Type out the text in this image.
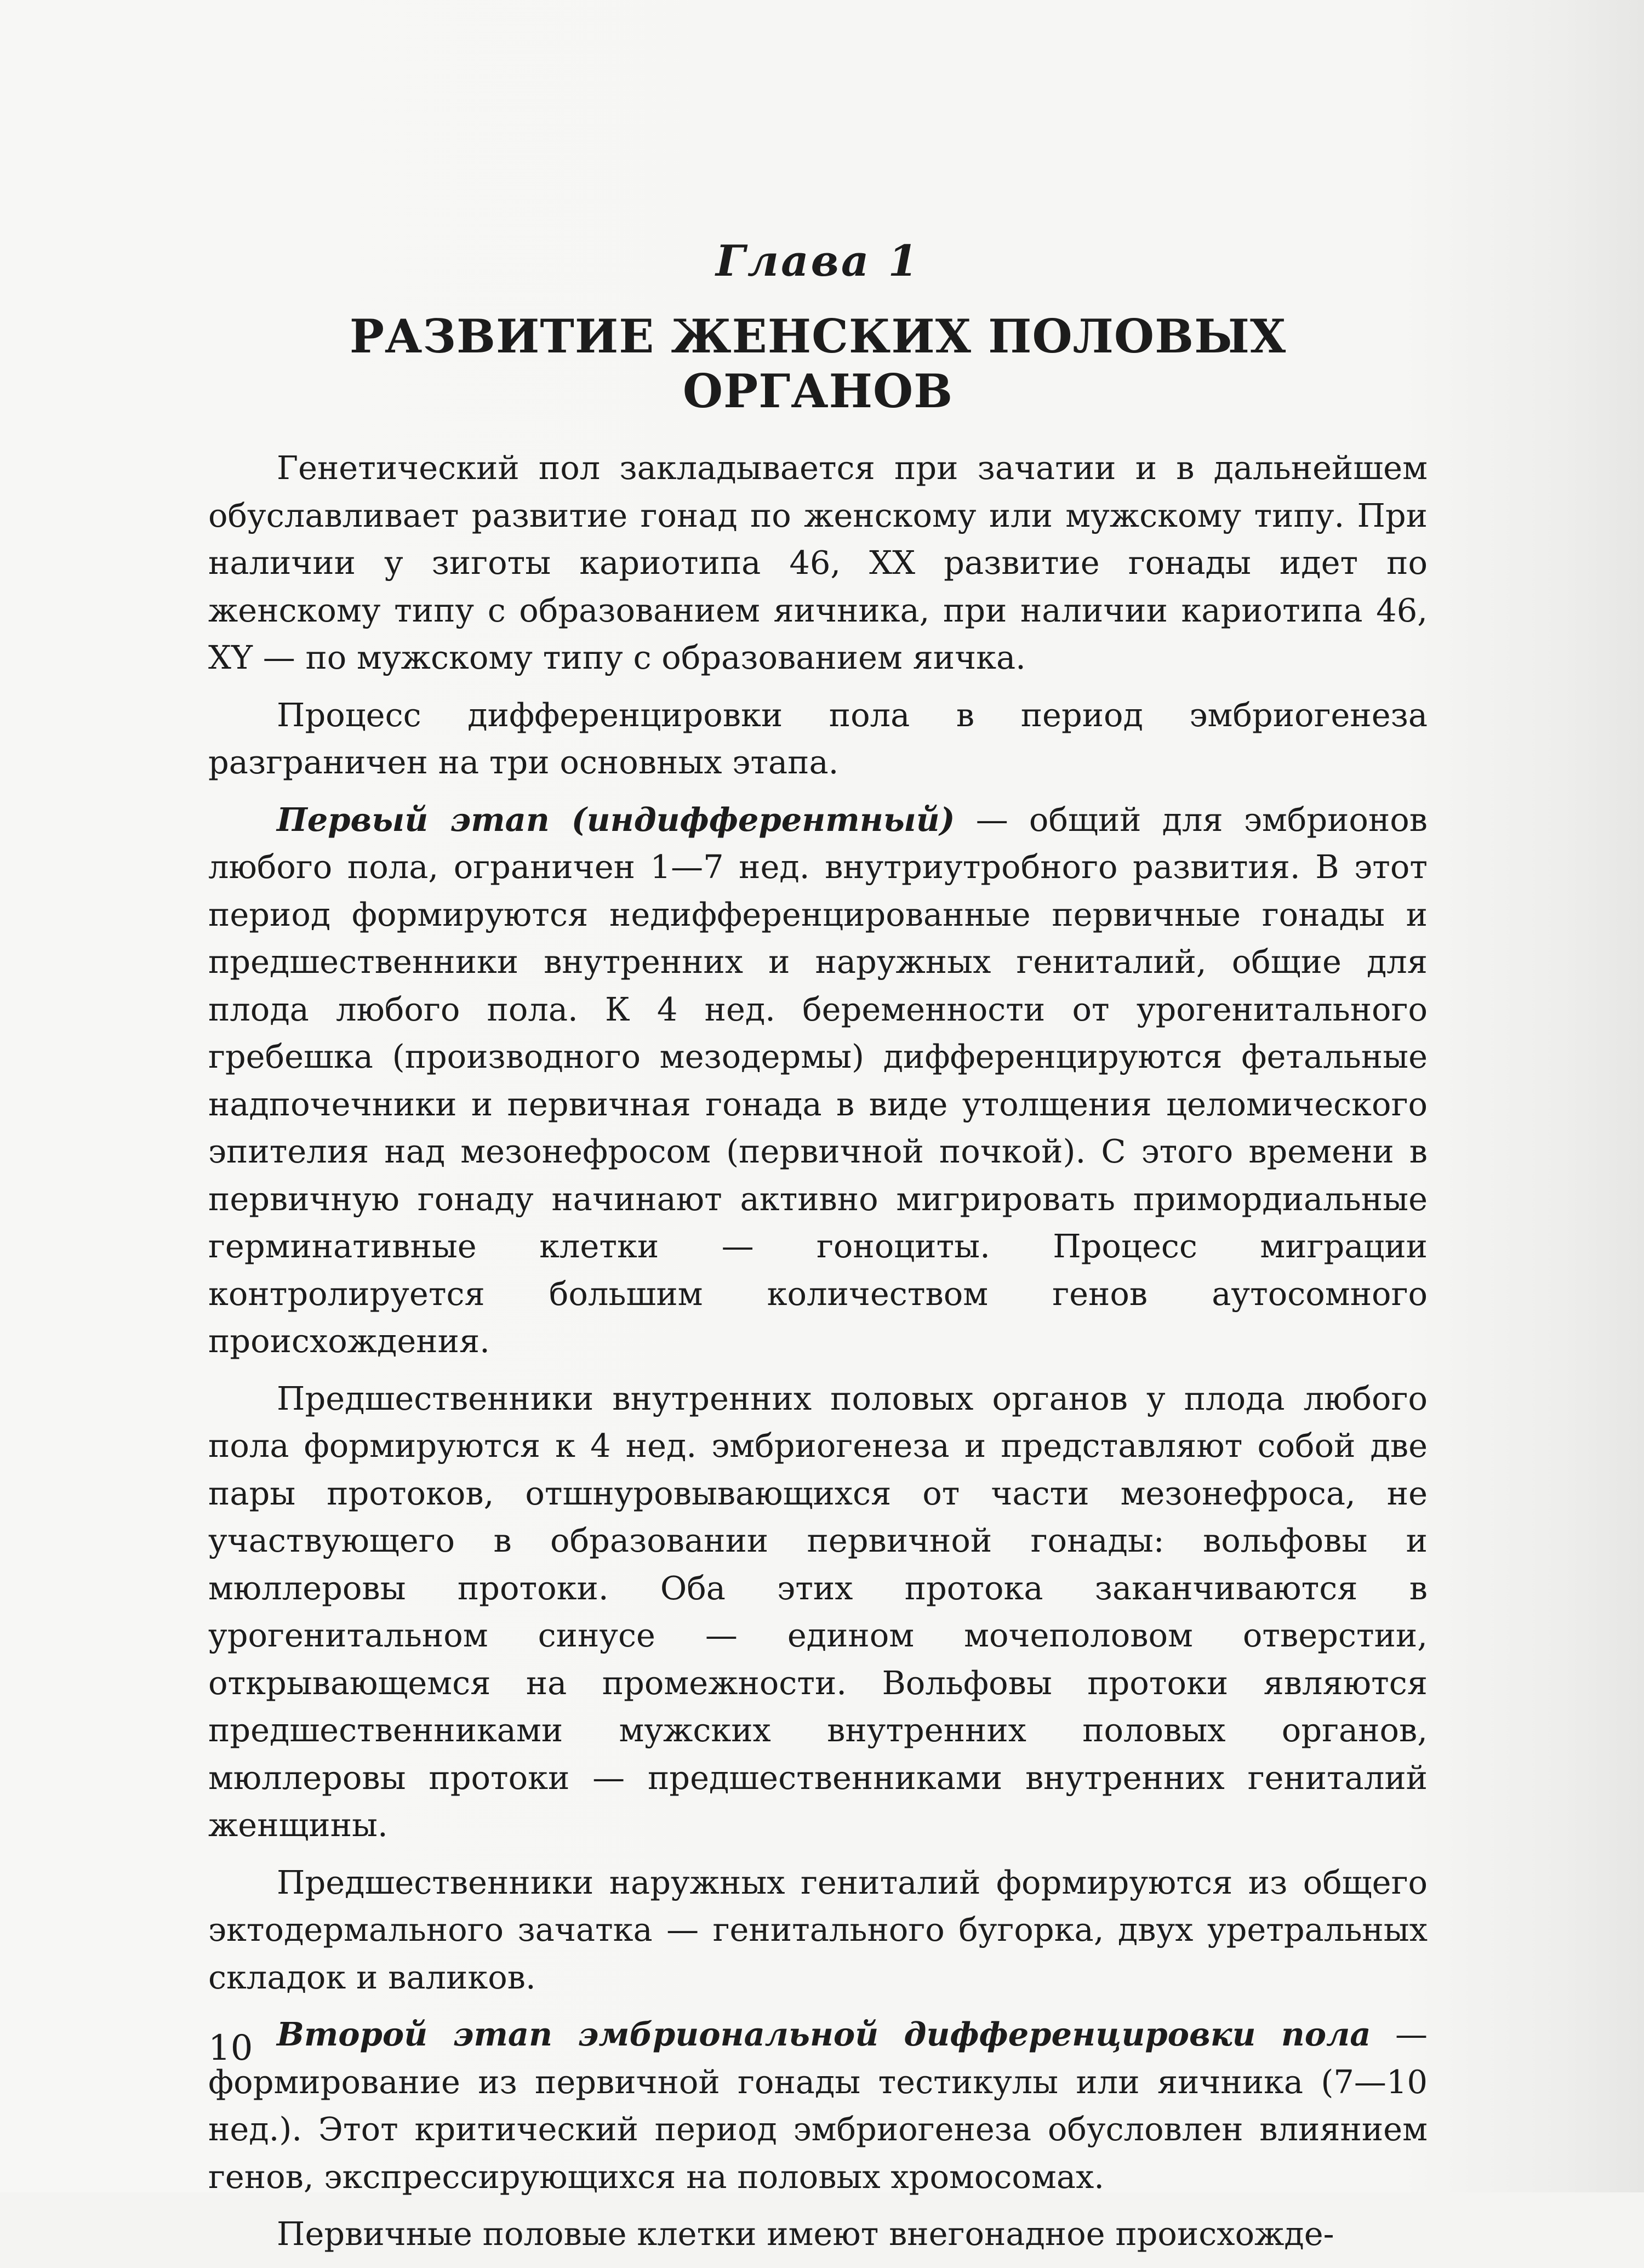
Глава 1
РАЗВИТИЕ ЖЕНСКИХ ПОЛОВЫХ ОРГАНОВ

Генетический пол закладывается при зачатии и в дальнейшем обуславливает развитие гонад по женскому или мужскому типу. При наличии у зиготы кариотипа 46, XX развитие гонады идет по женскому типу с образованием яичника, при наличии кариотипа 46, XY — по мужскому типу с образованием яичка.

Процесс дифференцировки пола в период эмбриогенеза разграничен на три основных этапа.

Первый этап (индифферентный) — общий для эмбрионов любого пола, ограничен 1—7 нед. внутриутробного развития. В этот период формируются недифференцированные первичные гонады и предшественники внутренних и наружных гениталий, общие для плода любого пола. К 4 нед. беременности от урогенитального гребешка (производного мезодермы) дифференцируются фетальные надпочечники и первичная гонада в виде утолщения целомического эпителия над мезонефросом (первичной почкой). С этого времени в первичную гонаду начинают активно мигрировать примордиальные герминативные клетки — гоноциты. Процесс миграции контролируется большим количеством генов аутосомного происхождения.

Предшественники внутренних половых органов у плода любого пола формируются к 4 нед. эмбриогенеза и представляют собой две пары протоков, отшнуровывающихся от части мезонефроса, не участвующего в образовании первичной гонады: вольфовы и мюллеровы протоки. Оба этих протока заканчиваются в урогенитальном синусе — едином мочеполовом отверстии, открывающемся на промежности. Вольфовы протоки являются предшественниками мужских внутренних половых органов, мюллеровы протоки — предшественниками внутренних гениталий женщины.

Предшественники наружных гениталий формируются из общего эктодермального зачатка — генитального бугорка, двух уретральных складок и валиков.

Второй этап эмбриональной дифференцировки пола — формирование из первичной гонады тестикулы или яичника (7—10 нед.). Этот критический период эмбриогенеза обусловлен влиянием генов, экспрессирующихся на половых хромосомах.

Первичные половые клетки имеют внегонадное происхожде-

10
